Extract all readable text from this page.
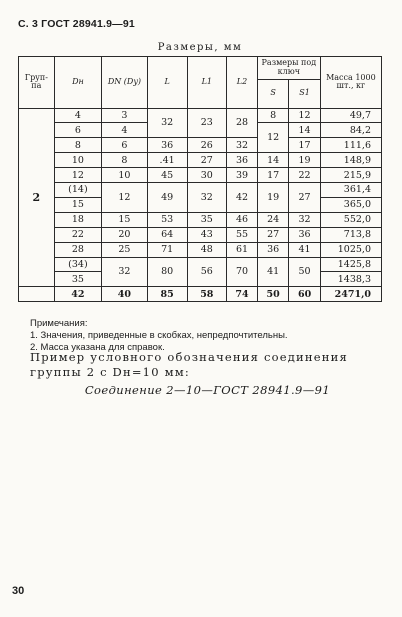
С. 3 ГОСТ 28941.9—91
Размеры, мм
Груп-па	Dн	DN (Dy)	L	L1	L2	Размеры под ключ		Масса 1000 шт., кг
						S	S1	
2	4	3	32	23	28	8	12	49,7
	6	4				12	14	84,2
	8	6	36	26	32		17	111,6
	10	8	.41	27	36	14	19	148,9
	12	10	45	30	39	17	22	215,9
	(14)	12	49	32	42	19	27	361,4
	15							365,0
	18	15	53	35	46	24	32	552,0
	22	20	64	43	55	27	36	713,8
	28	25	71	48	61	36	41	1025,0
	(34)	32	80	56	70	41	50	1425,8
	35							1438,3
	42	40	85	58	74	50	60	2471,0
Примечания:
1. Значения, приведенные в скобках, непредпочтительны.
2. Масса указана для справок.
Пример условного обозначения соединения группы 2 с Dн=10 мм:
Соединение 2—10—ГОСТ 28941.9—91
30
